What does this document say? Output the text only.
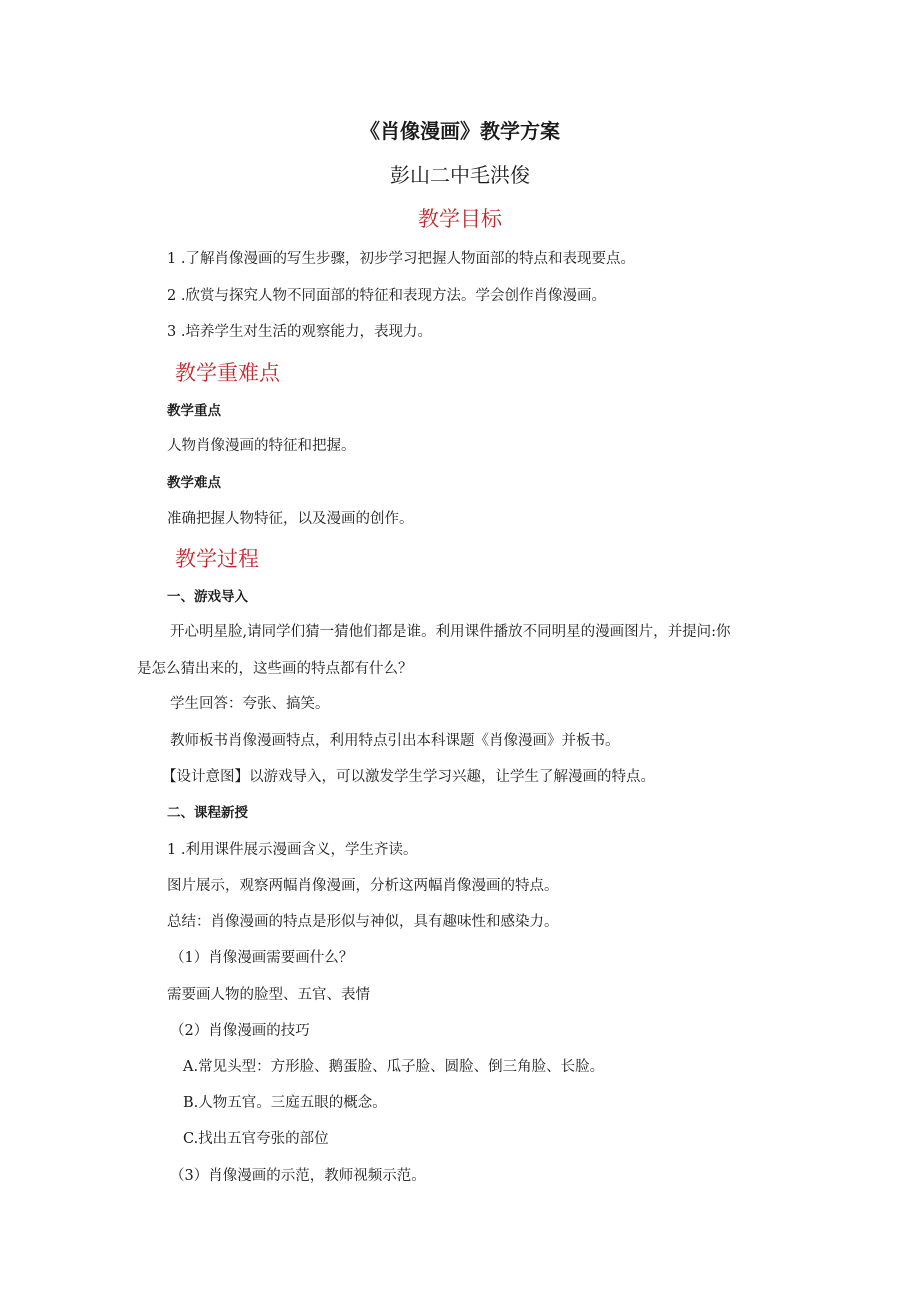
《肖像漫画》教学方案
彭山二中毛洪俊
教学目标

1 .了解肖像漫画的写生步骤，初步学习把握人物面部的特点和表现要点。

2 .欣赏与探究人物不同面部的特征和表现方法。学会创作肖像漫画。

3 .培养学生对生活的观察能力，表现力。

教学重难点

教学重点

人物肖像漫画的特征和把握。

教学难点

准确把握人物特征，以及漫画的创作。

教学过程

一、游戏导入

开心明星脸,请同学们猜一猜他们都是谁。利用课件播放不同明星的漫画图片，并提问:你

是怎么猜出来的，这些画的特点都有什么？

学生回答：夸张、搞笑。

教师板书肖像漫画特点，利用特点引出本科课题《肖像漫画》并板书。

【设计意图】以游戏导入，可以激发学生学习兴趣，让学生了解漫画的特点。

二、课程新授

1 .利用课件展示漫画含义，学生齐读。

图片展示，观察两幅肖像漫画，分析这两幅肖像漫画的特点。

总结：肖像漫画的特点是形似与神似，具有趣味性和感染力。

（1）肖像漫画需要画什么？

需要画人物的脸型、五官、表情

（2）肖像漫画的技巧

A.常见头型：方形脸、鹅蛋脸、瓜子脸、圆脸、倒三角脸、长脸。

B.人物五官。三庭五眼的概念。

C.找出五官夸张的部位

（3）肖像漫画的示范，教师视频示范。
